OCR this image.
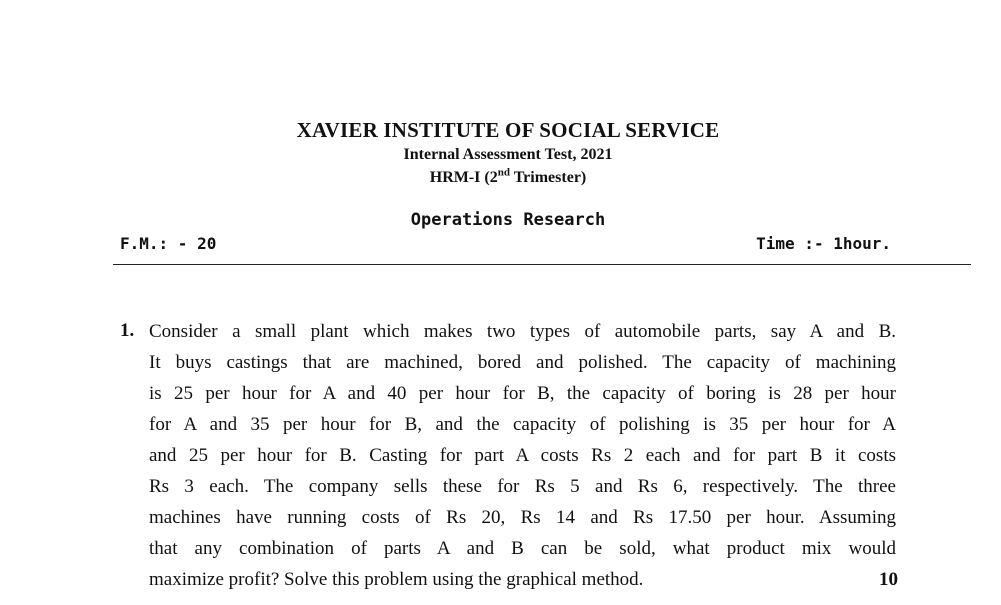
XAVIER INSTITUTE OF SOCIAL SERVICE
Internal Assessment Test, 2021
HRM-I (2nd Trimester)
Operations Research
F.M.: - 20	Time :- 1hour.
1. Consider a small plant which makes two types of automobile parts, say A and B.
It buys castings that are machined, bored and polished. The capacity of machining
is 25 per hour for A and 40 per hour for B, the capacity of boring is 28 per hour
for A and 35 per hour for B, and the capacity of polishing is 35 per hour for A
and 25 per hour for B. Casting for part A costs Rs 2 each and for part B it costs
Rs 3 each. The company sells these for Rs 5 and Rs 6, respectively. The three
machines have running costs of Rs 20, Rs 14 and Rs 17.50 per hour. Assuming
that any combination of parts A and B can be sold, what product mix would
maximize profit? Solve this problem using the graphical method.	10
